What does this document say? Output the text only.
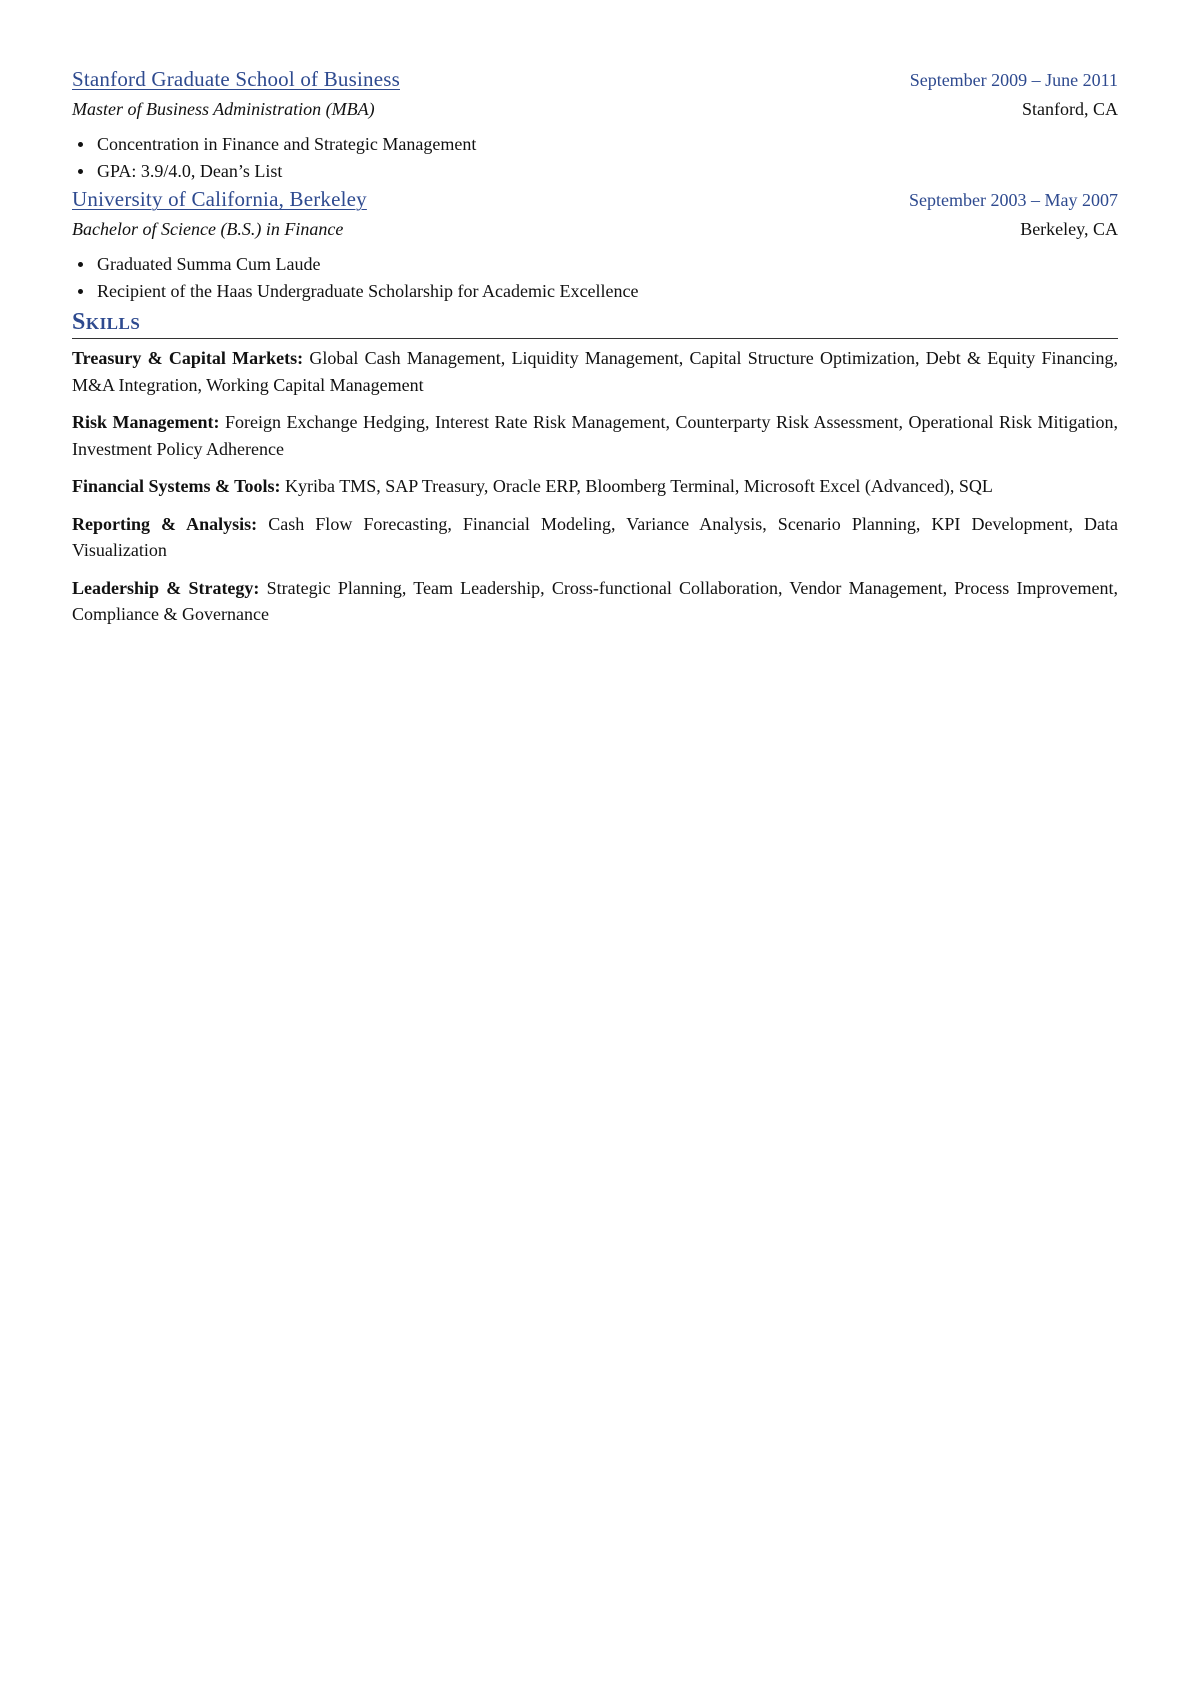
Stanford Graduate School of Business	September 2009 – June 2011
Master of Business Administration (MBA)	Stanford, CA
Concentration in Finance and Strategic Management
GPA: 3.9/4.0, Dean’s List
University of California, Berkeley	September 2003 – May 2007
Bachelor of Science (B.S.) in Finance	Berkeley, CA
Graduated Summa Cum Laude
Recipient of the Haas Undergraduate Scholarship for Academic Excellence
Skills
Treasury & Capital Markets: Global Cash Management, Liquidity Management, Capital Structure Optimization, Debt & Equity Financing, M&A Integration, Working Capital Management
Risk Management: Foreign Exchange Hedging, Interest Rate Risk Management, Counterparty Risk Assessment, Operational Risk Mitigation, Investment Policy Adherence
Financial Systems & Tools: Kyriba TMS, SAP Treasury, Oracle ERP, Bloomberg Terminal, Microsoft Excel (Advanced), SQL
Reporting & Analysis: Cash Flow Forecasting, Financial Modeling, Variance Analysis, Scenario Planning, KPI Development, Data Visualization
Leadership & Strategy: Strategic Planning, Team Leadership, Cross-functional Collaboration, Vendor Management, Process Improvement, Compliance & Governance
